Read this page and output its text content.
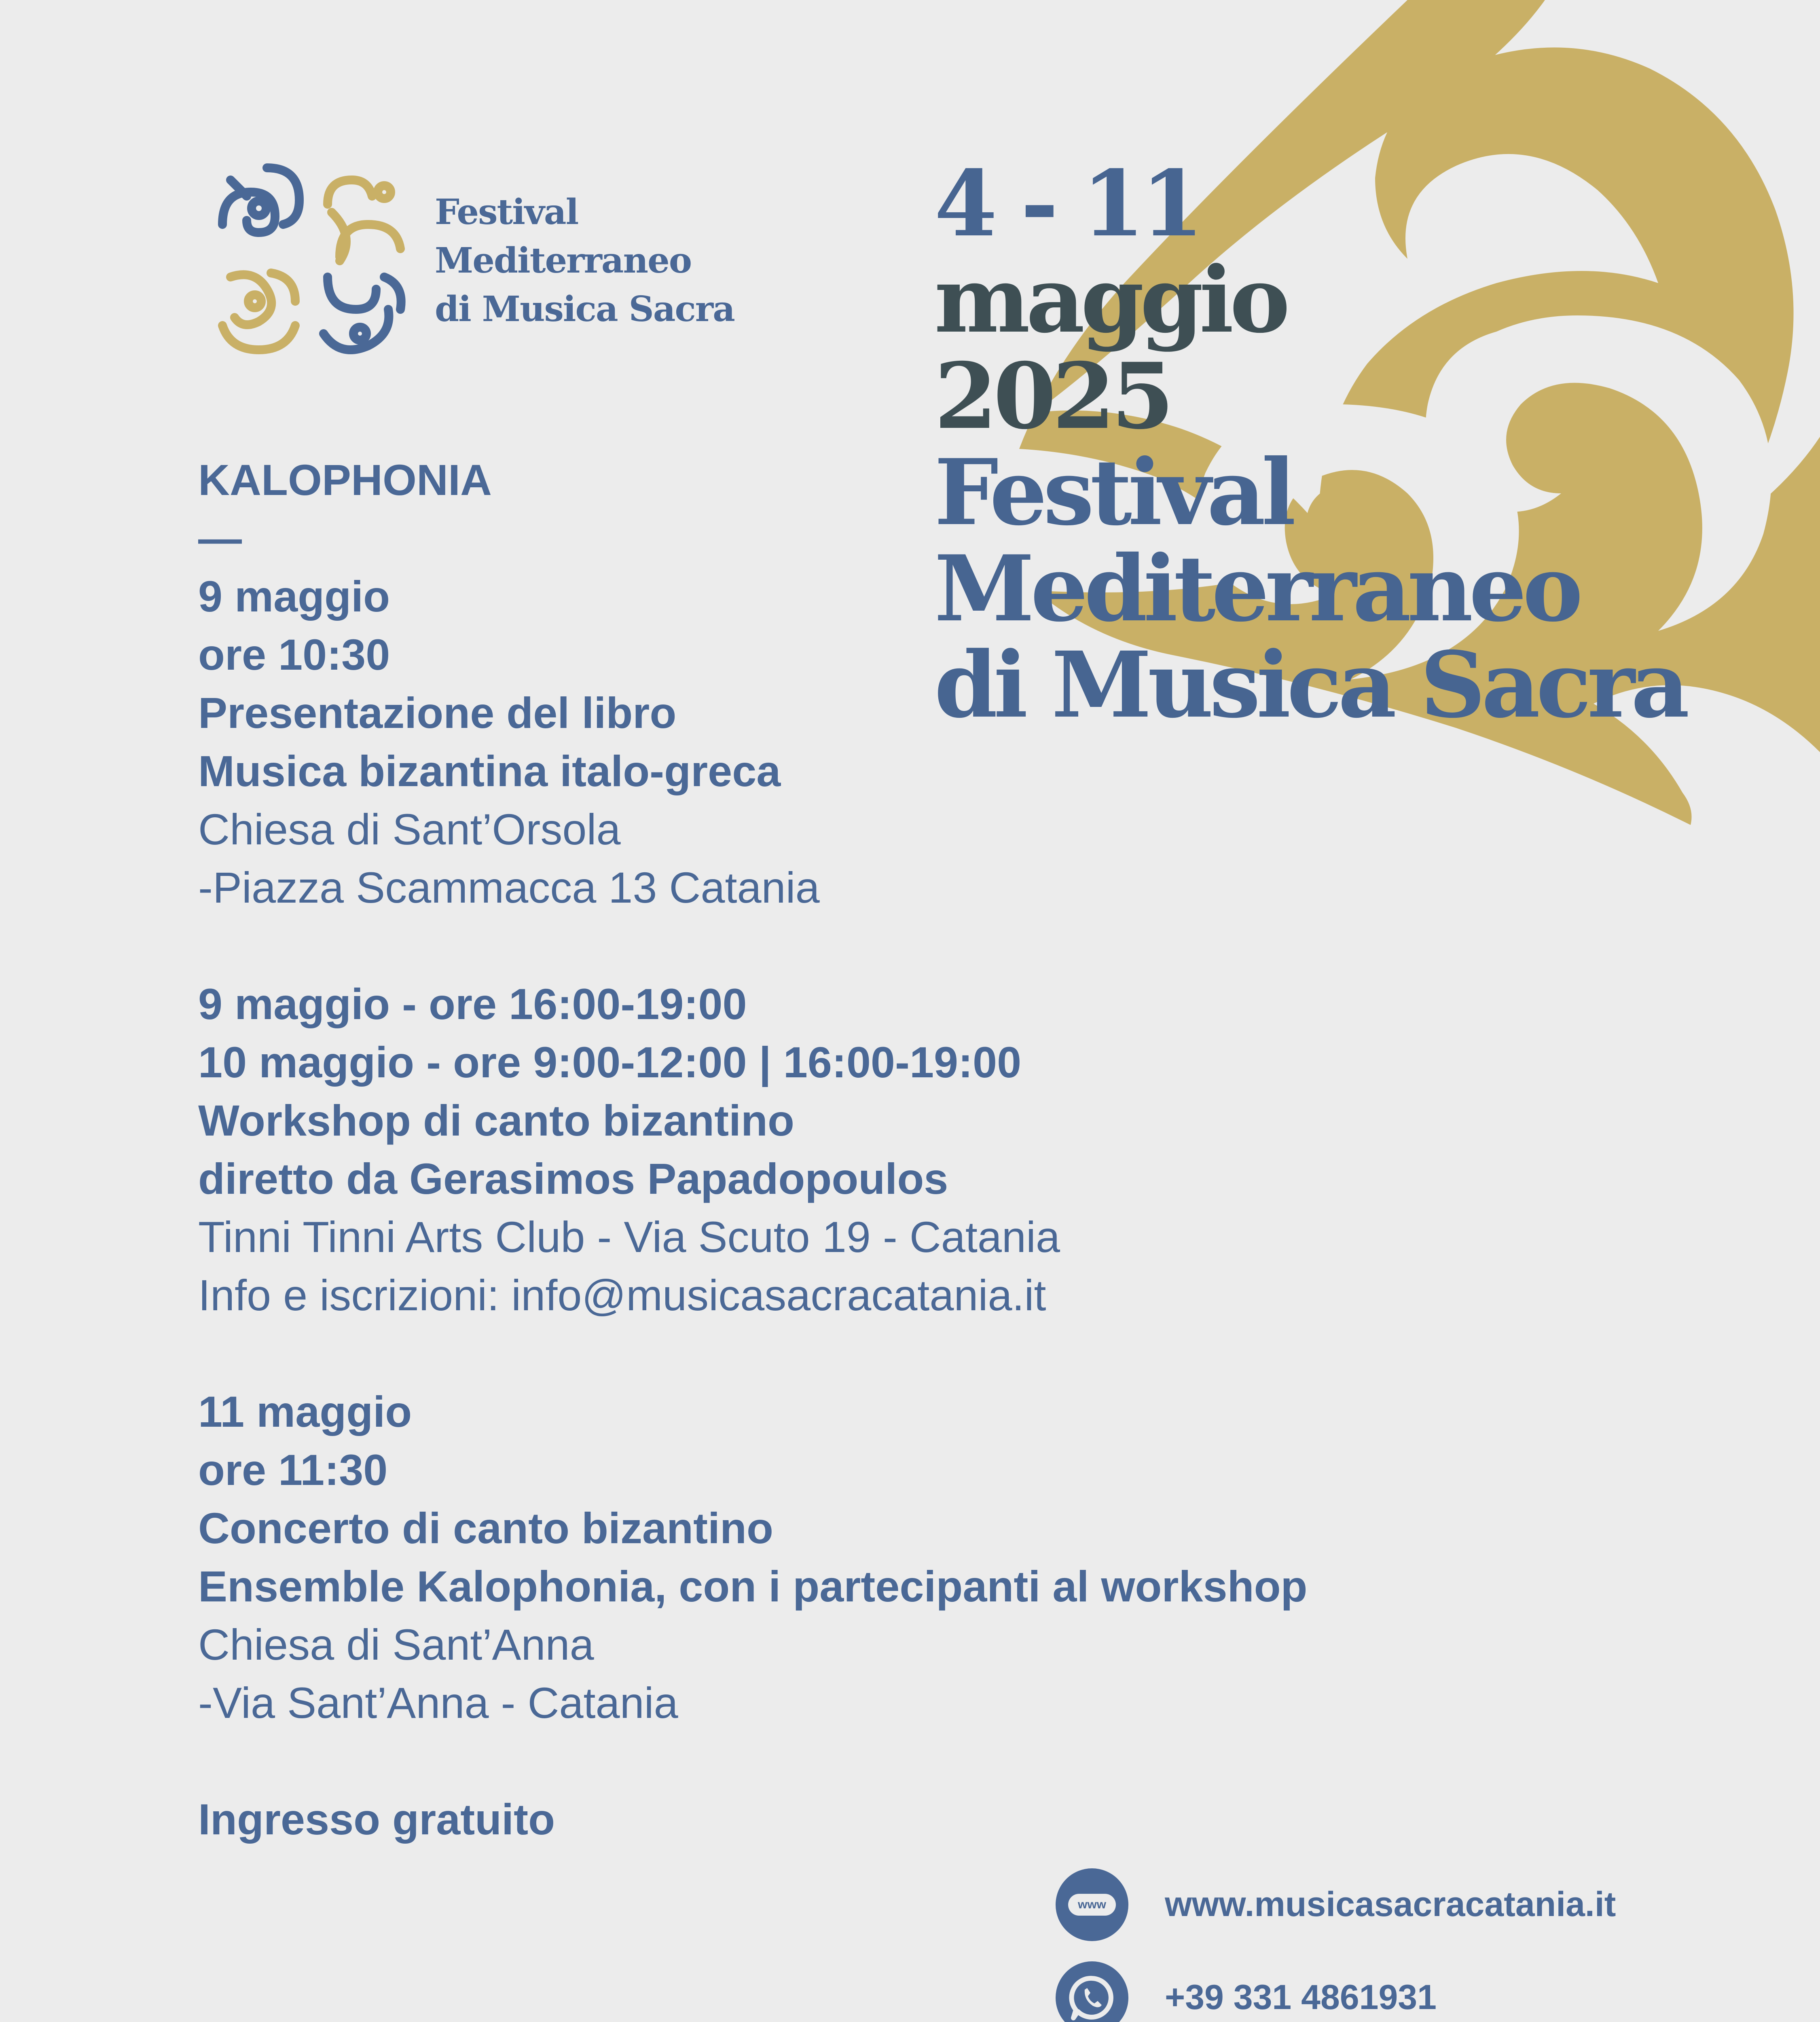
Festival
Mediterraneo
di Musica Sacra
4 - 11
maggio
2025
Festival
Mediterraneo
di Musica Sacra
KALOPHONIA
—
9 maggio
ore 10:30
Presentazione del libro
Musica bizantina italo-greca
Chiesa di Sant’Orsola
-Piazza Scammacca 13 Catania
9 maggio - ore 16:00-19:00
10 maggio - ore 9:00-12:00 | 16:00-19:00
Workshop di canto bizantino
diretto da Gerasimos Papadopoulos
Tinni Tinni Arts Club - Via Scuto 19 - Catania
Info e iscrizioni: info@musicasacracatania.it
11 maggio
ore 11:30
Concerto di canto bizantino
Ensemble Kalophonia, con i partecipanti al workshop
Chiesa di Sant’Anna
-Via Sant’Anna - Catania
Ingresso gratuito
www www.musicasacracatania.it
+39 331 4861931
